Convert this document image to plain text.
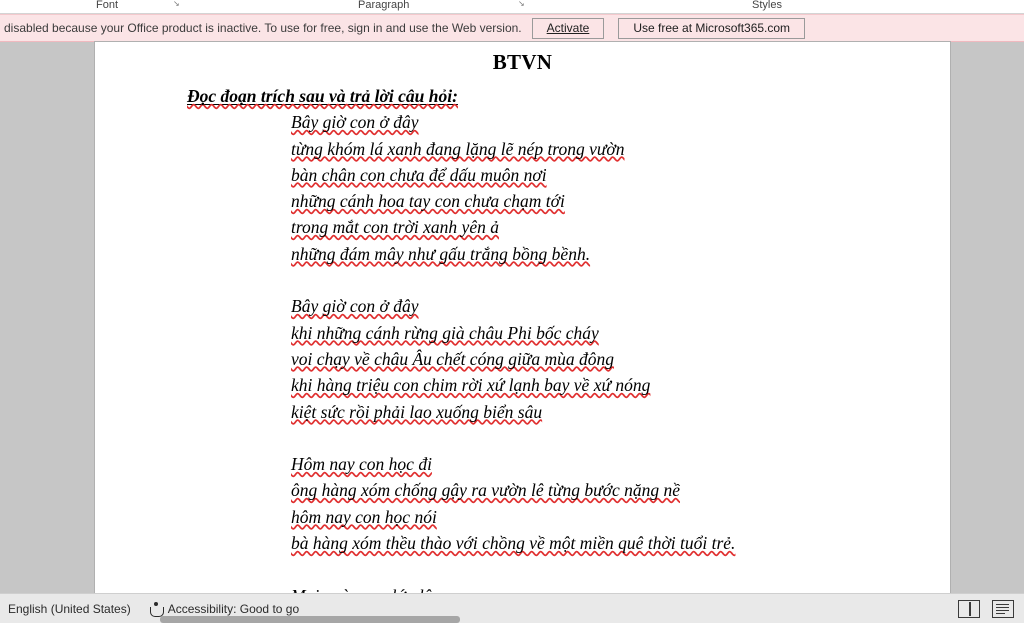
Font	↘	Paragraph	↘	Styles
disabled because your Office product is inactive. To use for free, sign in and use the Web version.	Activate	Use free at Microsoft365.com
BTVN
Đọc đoạn trích sau và trả lời câu hỏi:
Bây giờ con ở đây
từng khóm lá xanh đang lặng lẽ nép trong vườn
bàn chân con chưa để dấu muôn nơi
những cánh hoa tay con chưa chạm tới
trong mắt con trời xanh yên ả
những đám mây như gấu trắng bồng bềnh.
Bây giờ con ở đây
khi những cánh rừng già châu Phi bốc cháy
voi chạy về châu Âu chết cóng giữa mùa đông
khi hàng triệu con chim rời xứ lạnh bay về xứ nóng
kiệt sức rồi phải lao xuống biển sâu
Hôm nay con học đi
ông hàng xóm chống gậy ra vườn lê từng bước nặng nề
hôm nay con học nói
bà hàng xóm thều thào với chồng về một miền quê thời tuổi trẻ.
English (United States)	Accessibility: Good to go
